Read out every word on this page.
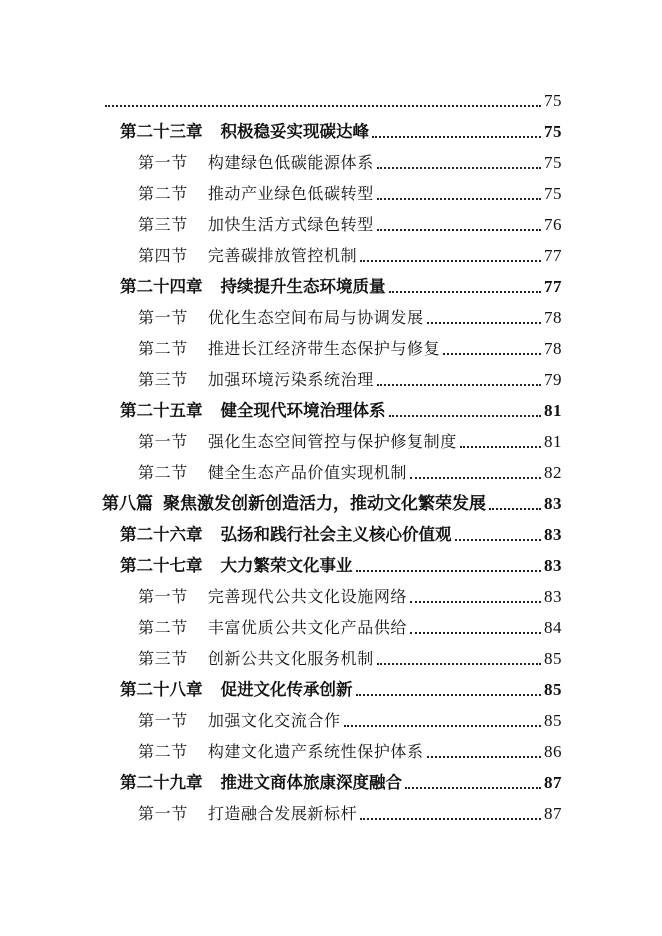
75
第二十三章 积极稳妥实现碳达峰	75
第一节 构建绿色低碳能源体系	75
第二节 推动产业绿色低碳转型	75
第三节 加快生活方式绿色转型	76
第四节 完善碳排放管控机制	77
第二十四章 持续提升生态环境质量	77
第一节 优化生态空间布局与协调发展	78
第二节 推进长江经济带生态保护与修复	78
第三节 加强环境污染系统治理	79
第二十五章 健全现代环境治理体系	81
第一节 强化生态空间管控与保护修复制度	81
第二节 健全生态产品价值实现机制	82
第八篇 聚焦激发创新创造活力，推动文化繁荣发展	83
第二十六章 弘扬和践行社会主义核心价值观	83
第二十七章 大力繁荣文化事业	83
第一节 完善现代公共文化设施网络	83
第二节 丰富优质公共文化产品供给	84
第三节 创新公共文化服务机制	85
第二十八章 促进文化传承创新	85
第一节 加强文化交流合作	85
第二节 构建文化遗产系统性保护体系	86
第二十九章 推进文商体旅康深度融合	87
第一节 打造融合发展新标杆	87
